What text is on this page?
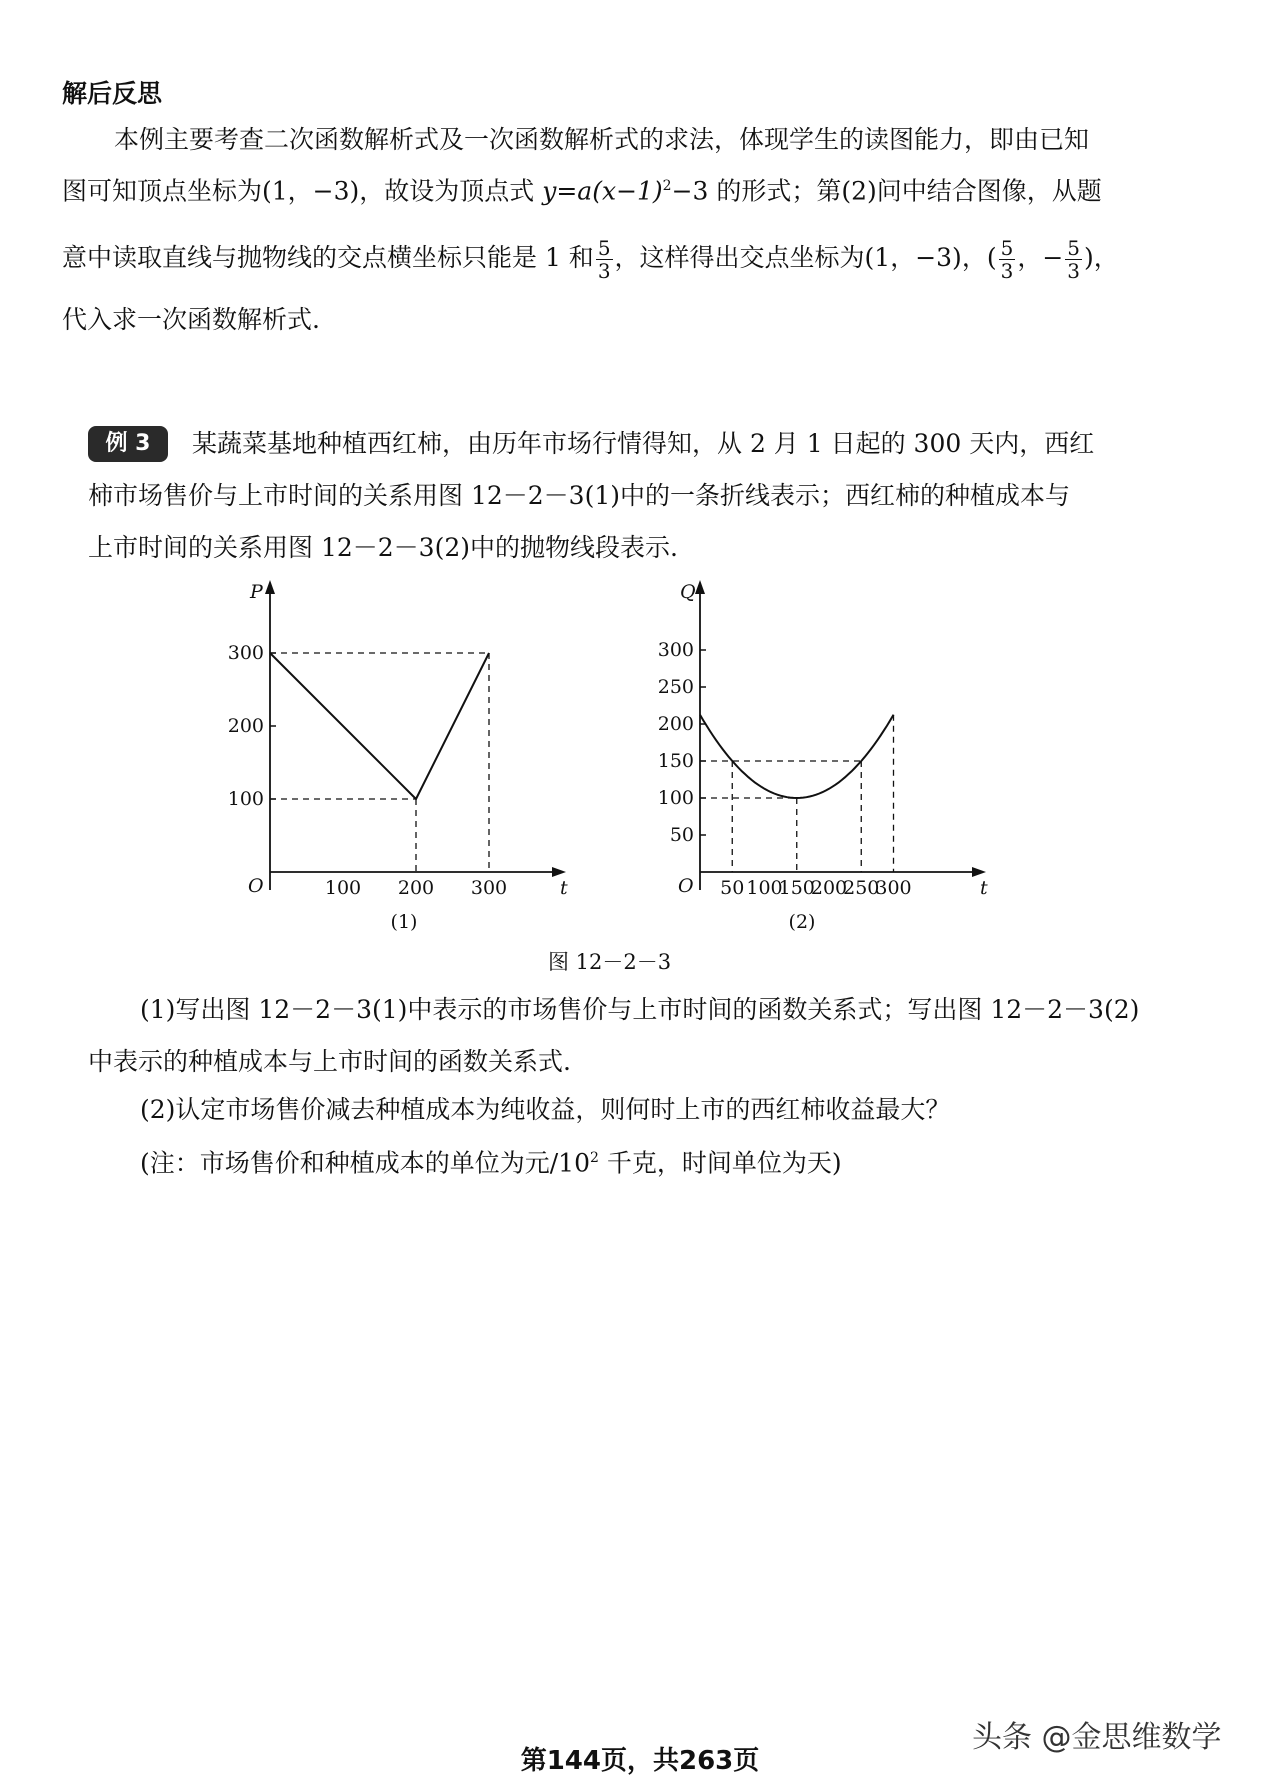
解后反思
本例主要考查二次函数解析式及一次函数解析式的求法，体现学生的读图能力，即由已知
图可知顶点坐标为(1，−3)，故设为顶点式 $y=a(x-1)^2-3$ 的形式；第(2)问中结合图像，从题
意中读取直线与抛物线的交点横坐标只能是 1 和 $\frac{5}{3}$ ，这样得出交点坐标为(1，−3)，( $\frac{5}{3}$ ，− $\frac{5}{3}$ )，
代入求一次函数解析式.
例 3	某蔬菜基地种植西红柿，由历年市场行情得知，从 2 月 1 日起的 300 天内，西红
柿市场售价与上市时间的关系用图 12－2－3(1)中的一条折线表示；西红柿的种植成本与
上市时间的关系用图 12－2－3(2)中的抛物线段表示.
O	t
P
100
200
300
100 200 300
(1)
O	t
Q
50
100
150
200
250
300
50 100
150
200
250
300
(2)
图 12－2－3
(1)写出图 12－2－3(1)中表示的市场售价与上市时间的函数关系式；写出图 12－2－3(2)
中表示的种植成本与上市时间的函数关系式.
(2)认定市场售价减去种植成本为纯收益，则何时上市的西红柿收益最大？
(注：市场售价和种植成本的单位为元$/10^2$ 千克，时间单位为天)
头条 @金思维数学
第144页，共263页
